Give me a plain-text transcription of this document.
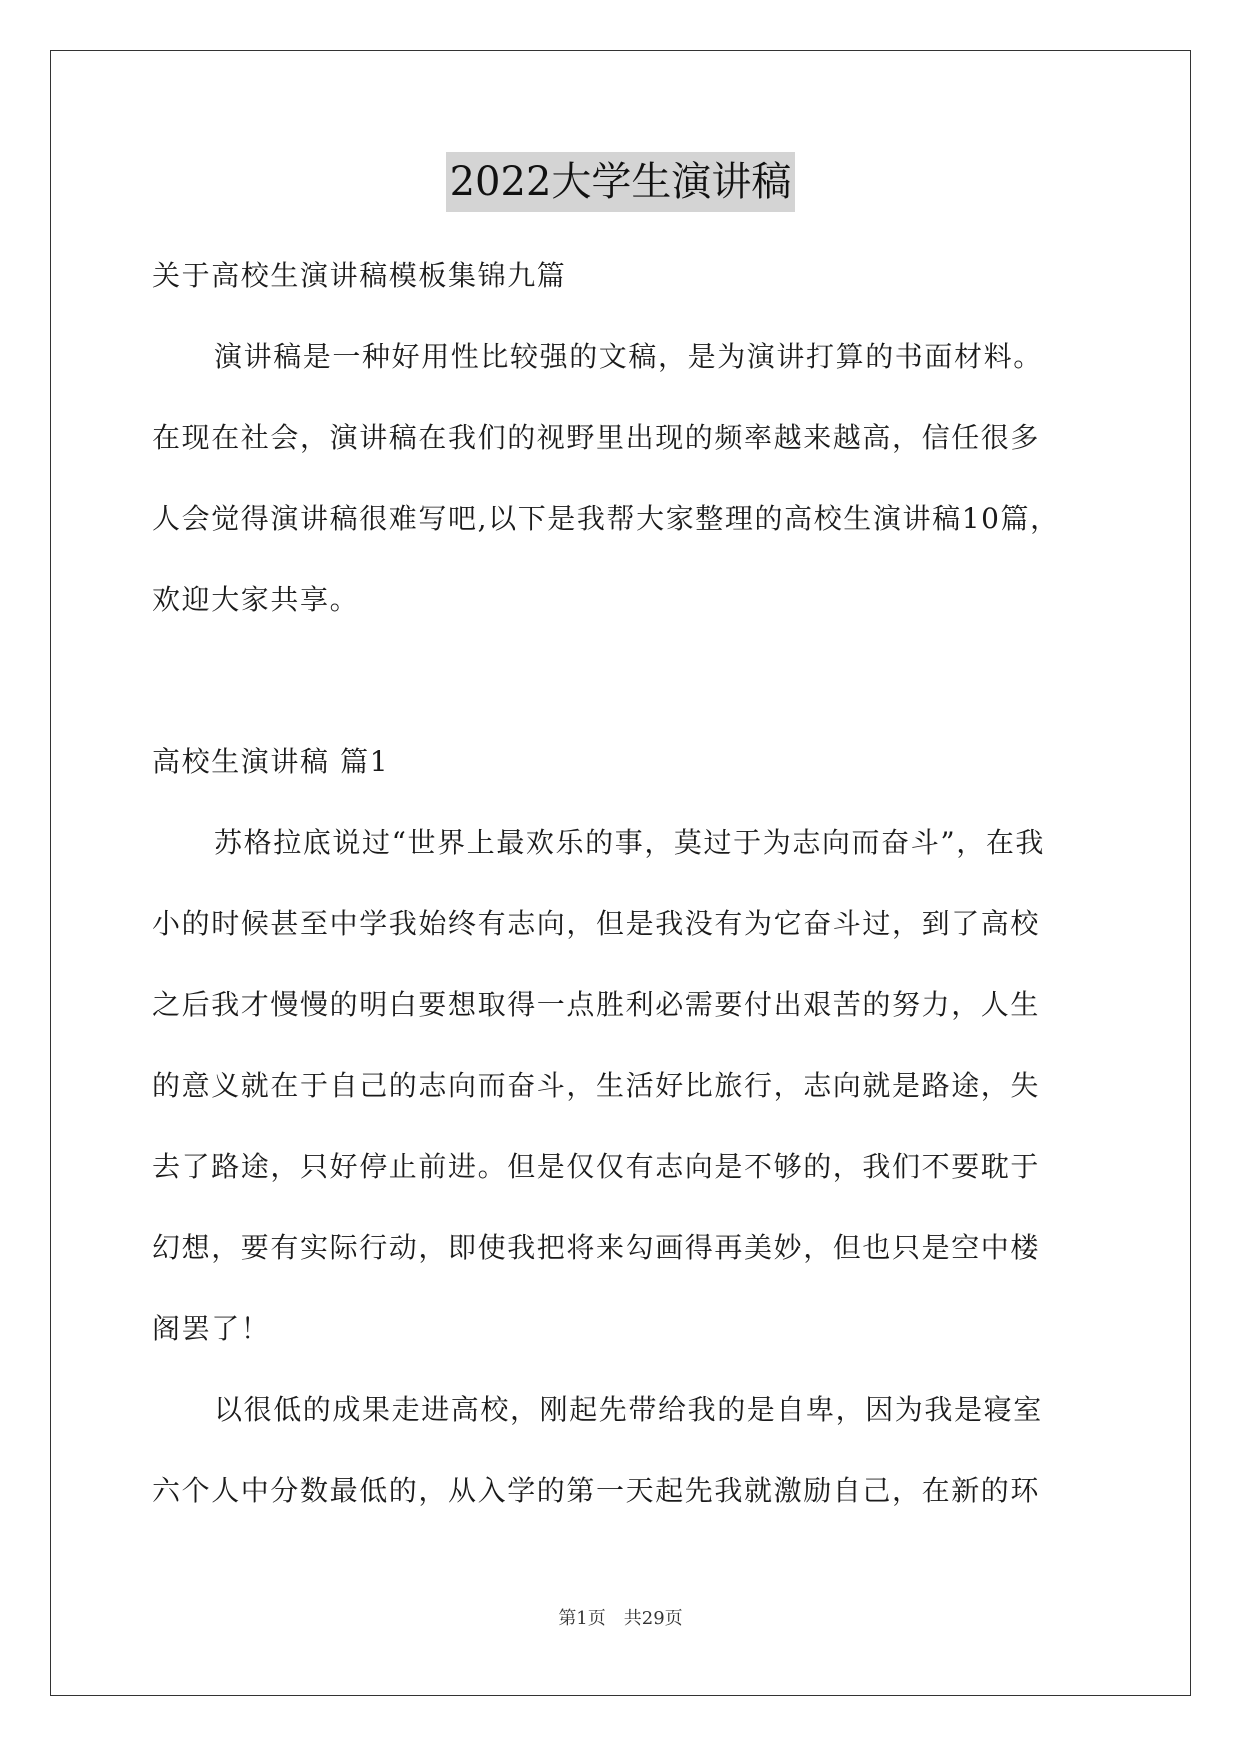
2022大学生演讲稿
关于高校生演讲稿模板集锦九篇
演讲稿是一种好用性比较强的文稿，是为演讲打算的书面材料。
在现在社会，演讲稿在我们的视野里出现的频率越来越高，信任很多
人会觉得演讲稿很难写吧,以下是我帮大家整理的高校生演讲稿10篇，
欢迎大家共享。
高校生演讲稿 篇1
苏格拉底说过“世界上最欢乐的事，莫过于为志向而奋斗”，在我
小的时候甚至中学我始终有志向，但是我没有为它奋斗过，到了高校
之后我才慢慢的明白要想取得一点胜利必需要付出艰苦的努力，人生
的意义就在于自己的志向而奋斗，生活好比旅行，志向就是路途，失
去了路途，只好停止前进。但是仅仅有志向是不够的，我们不要耽于
幻想，要有实际行动，即使我把将来勾画得再美妙，但也只是空中楼
阁罢了！
以很低的成果走进高校，刚起先带给我的是自卑，因为我是寝室
六个人中分数最低的，从入学的第一天起先我就激励自己，在新的环
第1页　共29页
